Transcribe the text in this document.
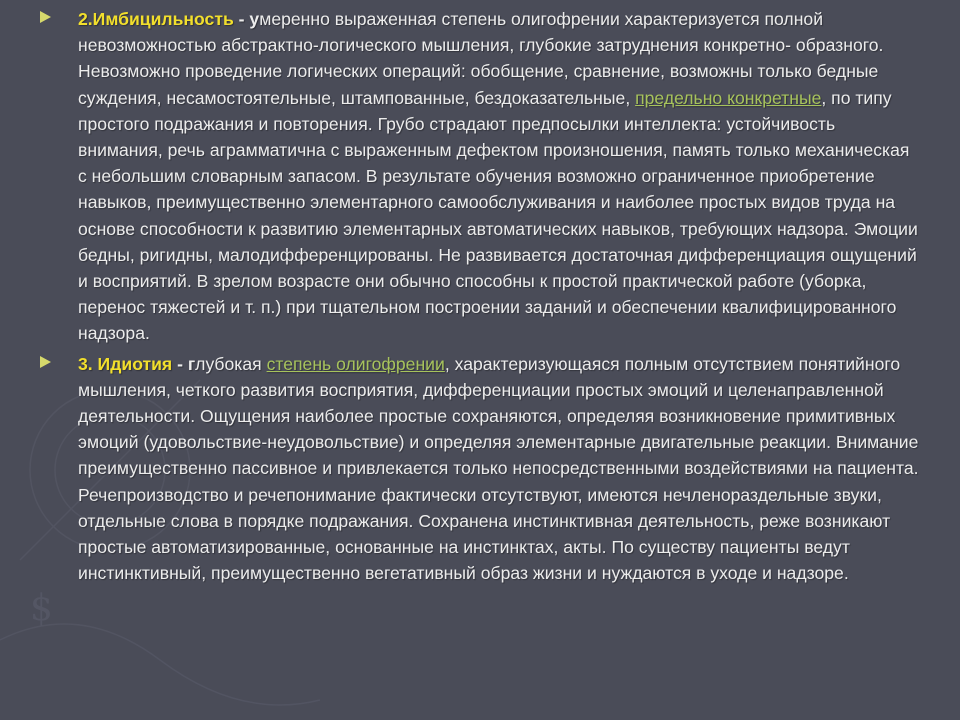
$

2.Имбицильность - умеренно выраженная степень олигофрении характеризуется полной невозможностью абстрактно-логического мышления, глубокие затруднения конкретно- образного. Невозможно проведение логических операций: обобщение, сравнение, возможны только бедные суждения, несамостоятельные, штампованные, бездоказательные, предельно конкретные, по типу простого подражания и повторения. Грубо страдают предпосылки интеллекта: устойчивость внимания, речь аграмматична с выраженным дефектом произношения, память только механическая с небольшим словарным запасом. В результате обучения возможно ограниченное приобретение навыков, преимущественно элементарного самообслуживания и наиболее простых видов труда на основе способности к развитию элементарных автоматических навыков, требующих надзора. Эмоции бедны, ригидны, малодифференцированы. Не развивается достаточная дифференциация ощущений и восприятий. В зрелом возрасте они обычно способны к простой практической работе (уборка, перенос тяжестей и т. п.) при тщательном построении заданий и обеспечении квалифицированного надзора.

3. Идиотия - глубокая степень олигофрении, характеризующаяся полным отсутствием понятийного мышления, четкого развития восприятия, дифференциации простых эмоций и целенаправленной деятельности. Ощущения наиболее простые сохраняются, определяя возникновение примитивных эмоций (удовольствие-неудовольствие) и определяя элементарные двигательные реакции. Внимание преимущественно пассивное и привлекается только непосредственными воздействиями на пациента. Речепроизводство и речепонимание фактически отсутствуют, имеются нечленораздельные звуки, отдельные слова в порядке подражания. Сохранена инстинктивная деятельность, реже возникают простые автоматизированные, основанные на инстинктах, акты. По существу пациенты ведут инстинктивный, преимущественно вегетативный образ жизни и нуждаются в уходе и надзоре.
